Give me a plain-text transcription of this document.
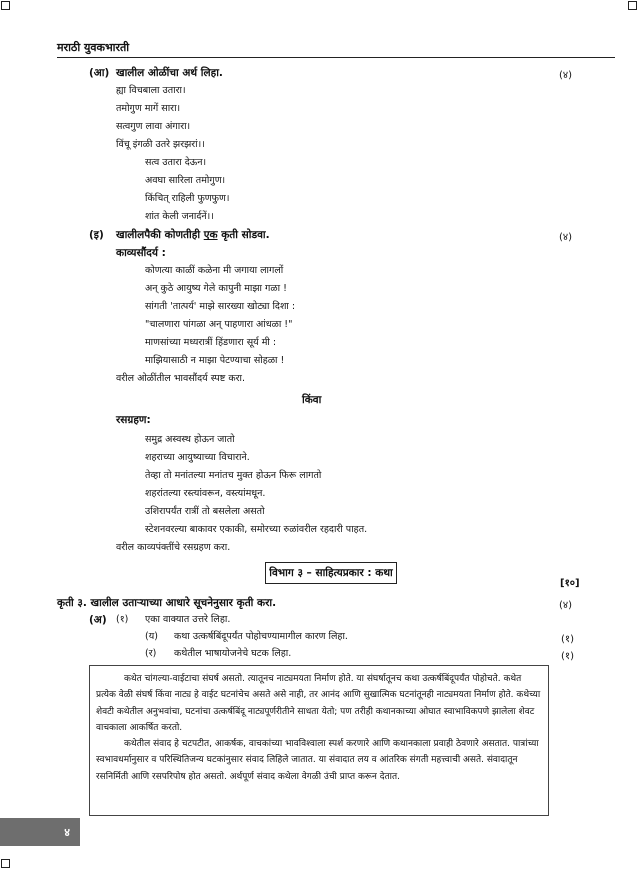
मराठी युवकभारती
(आ) खालील ओळींचा अर्थ लिहा.	(४)
ह्या विचबाला उतारा।
तमोगुण मागें सारा।
सत्वगुण लावा अंगारा।
विंचू इंगळी उतरे झरझरां।।
सत्व उतारा देऊन।
अवघा सारिला तमोगुण।
किंचित् राहिली फुणफुण।
शांत केली जनार्दनें।।
(इ) खालीलपैकी कोणतीही एक कृती सोडवा.	(४)
काव्यसौंदर्य :
कोणत्या काळीं कळेना मी जगाया लागलों
अन् कुठे आयुष्य गेले कापुनी माझा गळा !
सांगती 'तात्पर्य' माझे सारख्या खोट्या दिशा :
"चालणारा पांगळा अन् पाहणारा आंधळा !"
माणसांच्या मध्यरात्रीं हिंडणारा सूर्य मी :
माझियासाठी न माझा पेटण्याचा सोहळा !
वरील ओळींतील भावसौंदर्य स्पष्ट करा.
किंवा
रसग्रहण:
समुद्र अस्वस्थ होऊन जातो
शहराच्या आयुष्याच्या विचाराने.
तेव्हा तो मनांतल्या मनांतच मुक्त होऊन फिरू लागतो
शहरांतल्या रस्त्यांवरून, वस्त्यांमधून.
उशिरापर्यंत रात्रीं तो बसलेला असतो
स्टेशनवरल्या बाकावर एकाकी, समोरच्या रुळांवरील रहदारी पाहत.
वरील काव्यपंक्तींचे रसग्रहण करा.
विभाग ३ – साहित्यप्रकार : कथा
[१०]
कृती ३. खालील उताऱ्याच्या आधारे सूचनेनुसार कृती करा.	(४)
(अ) (१) एका वाक्यात उत्तरे लिहा.
(य) कथा उत्कर्षबिंदूपर्यंत पोहोचण्यामागील कारण लिहा.	(१)
(र) कथेतील भाषायोजनेचे घटक लिहा.	(१)

कथेत चांगल्या-वाईटाचा संघर्ष असतो. त्यातूनच नाट्यमयता निर्माण होते. या संघर्षातूनच कथा उत्कर्षबिंदूपर्यंत पोहोचते. कथेत प्रत्येक वेळी संघर्ष किंवा नाट्य हे वाईट घटनांचेच असते असे नाही, तर आनंद आणि सुखात्मिक घटनांतूनही नाट्यमयता निर्माण होते. कथेच्या शेवटी कथेतील अनुभवांचा, घटनांचा उत्कर्षबिंदू नाट्यपूर्णरीतीने साधता येतो; पण तरीही कथानकाच्या ओघात स्वाभाविकपणे झालेला शेवट वाचकाला आकर्षित करतो.

कथेतील संवाद हे चटपटीत, आकर्षक, वाचकांच्या भावविश्वाला स्पर्श करणारे आणि कथानकाला प्रवाही ठेवणारे असतात. पात्रांच्या स्वभावधर्मानुसार व परिस्थितिजन्य घटकांनुसार संवाद लिहिले जातात. या संवादात लय व आंतरिक संगती महत्त्वाची असते. संवादातून रसनिर्मिती आणि रसपरिपोष होत असतो. अर्थपूर्ण संवाद कथेला वेगळी उंची प्राप्त करून देतात.

४
